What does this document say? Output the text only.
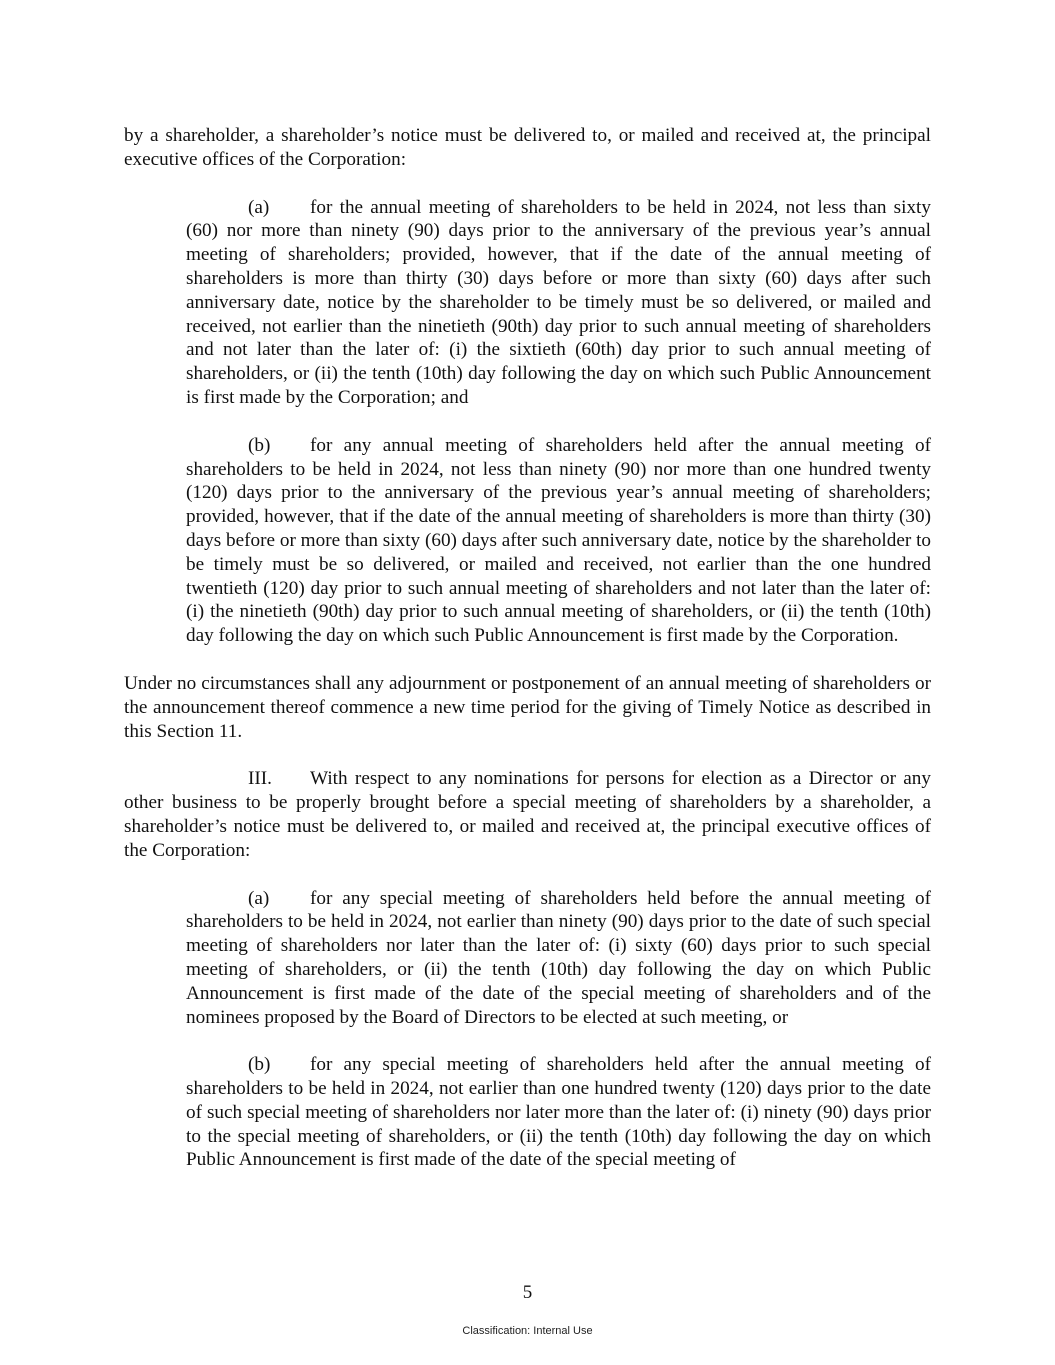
by a shareholder, a shareholder’s notice must be delivered to, or mailed and received at, the principal executive offices of the Corporation:

(a) for the annual meeting of shareholders to be held in 2024, not less than sixty (60) nor more than ninety (90) days prior to the anniversary of the previous year’s annual meeting of shareholders; provided, however, that if the date of the annual meeting of shareholders is more than thirty (30) days before or more than sixty (60) days after such anniversary date, notice by the shareholder to be timely must be so delivered, or mailed and received, not earlier than the ninetieth (90th) day prior to such annual meeting of shareholders and not later than the later of: (i) the sixtieth (60th) day prior to such annual meeting of shareholders, or (ii) the tenth (10th) day following the day on which such Public Announcement is first made by the Corporation; and

(b) for any annual meeting of shareholders held after the annual meeting of shareholders to be held in 2024, not less than ninety (90) nor more than one hundred twenty (120) days prior to the anniversary of the previous year’s annual meeting of shareholders; provided, however, that if the date of the annual meeting of shareholders is more than thirty (30) days before or more than sixty (60) days after such anniversary date, notice by the shareholder to be timely must be so delivered, or mailed and received, not earlier than the one hundred twentieth (120) day prior to such annual meeting of shareholders and not later than the later of: (i) the ninetieth (90th) day prior to such annual meeting of shareholders, or (ii) the tenth (10th) day following the day on which such Public Announcement is first made by the Corporation.

Under no circumstances shall any adjournment or postponement of an annual meeting of shareholders or the announcement thereof commence a new time period for the giving of Timely Notice as described in this Section 11.

III. With respect to any nominations for persons for election as a Director or any other business to be properly brought before a special meeting of shareholders by a shareholder, a shareholder’s notice must be delivered to, or mailed and received at, the principal executive offices of the Corporation:

(a) for any special meeting of shareholders held before the annual meeting of shareholders to be held in 2024, not earlier than ninety (90) days prior to the date of such special meeting of shareholders nor later than the later of: (i) sixty (60) days prior to such special meeting of shareholders, or (ii) the tenth (10th) day following the day on which Public Announcement is first made of the date of the special meeting of shareholders and of the nominees proposed by the Board of Directors to be elected at such meeting, or

(b) for any special meeting of shareholders held after the annual meeting of shareholders to be held in 2024, not earlier than one hundred twenty (120) days prior to the date of such special meeting of shareholders nor later more than the later of: (i) ninety (90) days prior to the special meeting of shareholders, or (ii) the tenth (10th) day following the day on which Public Announcement is first made of the date of the special meeting of

5
Classification: Internal Use
